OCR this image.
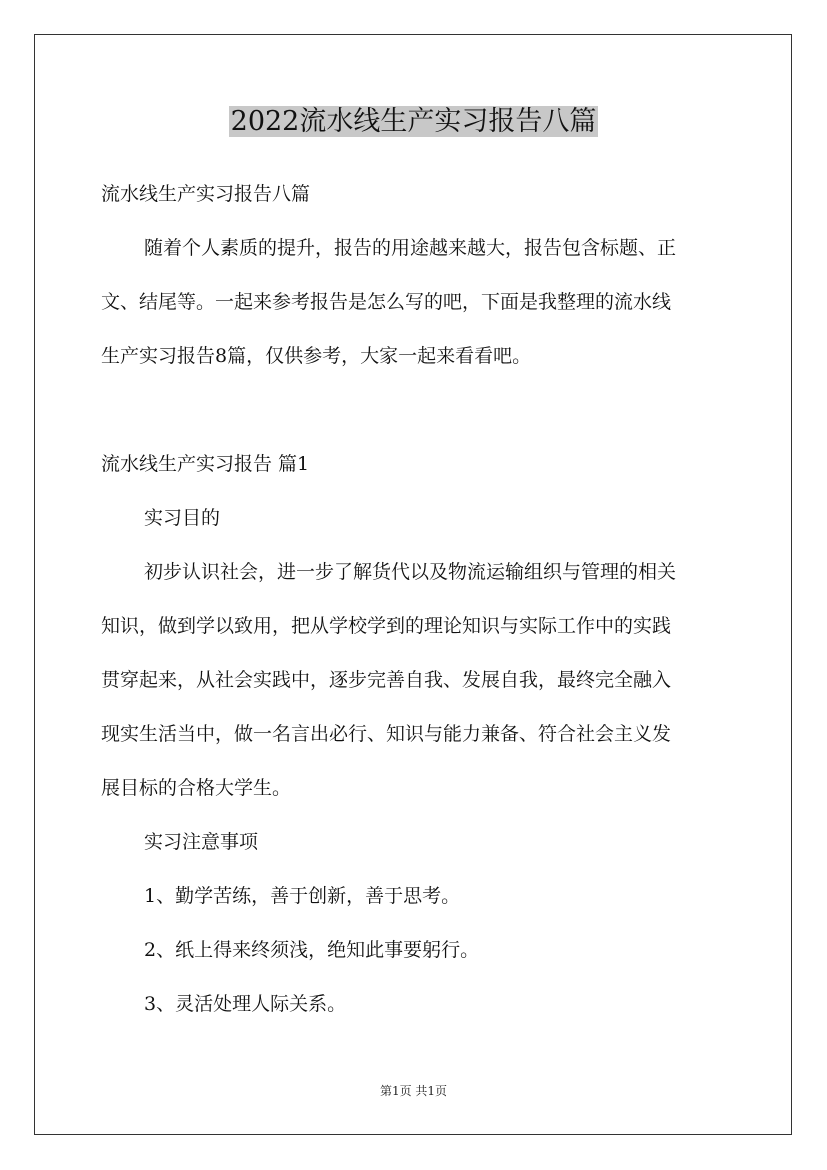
2022流水线生产实习报告八篇
流水线生产实习报告八篇
随着个人素质的提升，报告的用途越来越大，报告包含标题、正
文、结尾等。一起来参考报告是怎么写的吧，下面是我整理的流水线
生产实习报告8篇，仅供参考，大家一起来看看吧。
流水线生产实习报告 篇1
实习目的
初步认识社会，进一步了解货代以及物流运输组织与管理的相关
知识，做到学以致用，把从学校学到的理论知识与实际工作中的实践
贯穿起来，从社会实践中，逐步完善自我、发展自我，最终完全融入
现实生活当中，做一名言出必行、知识与能力兼备、符合社会主义发
展目标的合格大学生。
实习注意事项
1、勤学苦练，善于创新，善于思考。
2、纸上得来终须浅，绝知此事要躬行。
3、灵活处理人际关系。
第1页 共1页
